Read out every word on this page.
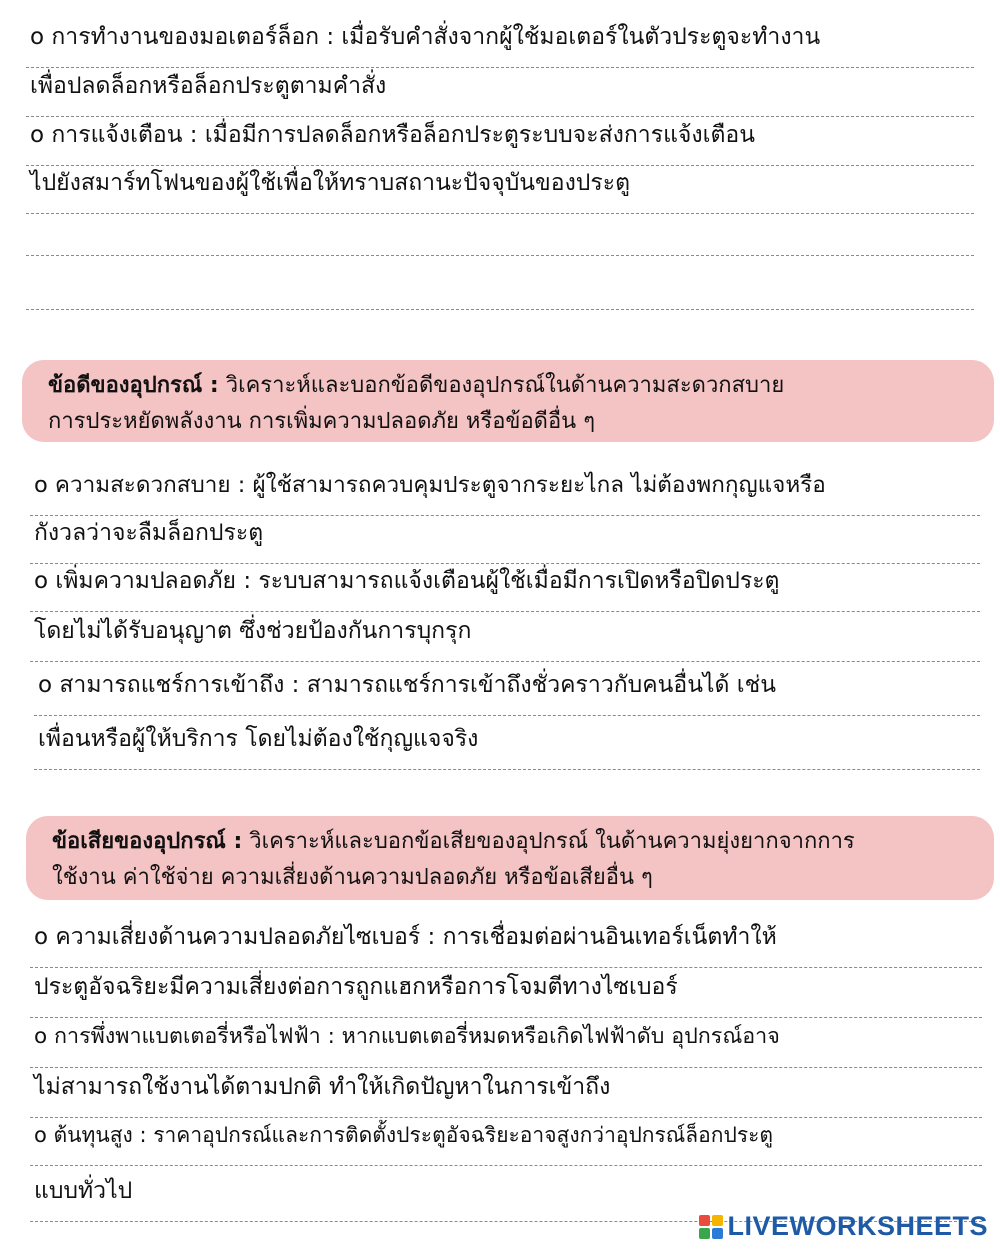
o การทำงานของมอเตอร์ล็อก : เมื่อรับคำสั่งจากผู้ใช้มอเตอร์ในตัวประตูจะทำงาน
เพื่อปลดล็อกหรือล็อกประตูตามคำสั่ง
o การแจ้งเตือน : เมื่อมีการปลดล็อกหรือล็อกประตูระบบจะส่งการแจ้งเตือน
ไปยังสมาร์ทโฟนของผู้ใช้เพื่อให้ทราบสถานะปัจจุบันของประตู
ข้อดีของอุปกรณ์ : วิเคราะห์และบอกข้อดีของอุปกรณ์ในด้านความสะดวกสบาย
การประหยัดพลังงาน การเพิ่มความปลอดภัย หรือข้อดีอื่น ๆ
o ความสะดวกสบาย : ผู้ใช้สามารถควบคุมประตูจากระยะไกล ไม่ต้องพกกุญแจหรือ
กังวลว่าจะลืมล็อกประตู
o เพิ่มความปลอดภัย : ระบบสามารถแจ้งเตือนผู้ใช้เมื่อมีการเปิดหรือปิดประตู
โดยไม่ได้รับอนุญาต ซึ่งช่วยป้องกันการบุกรุก
o สามารถแชร์การเข้าถึง : สามารถแชร์การเข้าถึงชั่วคราวกับคนอื่นได้ เช่น
เพื่อนหรือผู้ให้บริการ โดยไม่ต้องใช้กุญแจจริง
ข้อเสียของอุปกรณ์ : วิเคราะห์และบอกข้อเสียของอุปกรณ์ ในด้านความยุ่งยากจากการ
ใช้งาน ค่าใช้จ่าย ความเสี่ยงด้านความปลอดภัย หรือข้อเสียอื่น ๆ
o ความเสี่ยงด้านความปลอดภัยไซเบอร์ : การเชื่อมต่อผ่านอินเทอร์เน็ตทำให้
ประตูอัจฉริยะมีความเสี่ยงต่อการถูกแฮกหรือการโจมตีทางไซเบอร์
o การพึ่งพาแบตเตอรี่หรือไฟฟ้า : หากแบตเตอรี่หมดหรือเกิดไฟฟ้าดับ อุปกรณ์อาจ
ไม่สามารถใช้งานได้ตามปกติ ทำให้เกิดปัญหาในการเข้าถึง
o ต้นทุนสูง : ราคาอุปกรณ์และการติดตั้งประตูอัจฉริยะอาจสูงกว่าอุปกรณ์ล็อกประตู
แบบทั่วไป
LIVEWORKSHEETS
